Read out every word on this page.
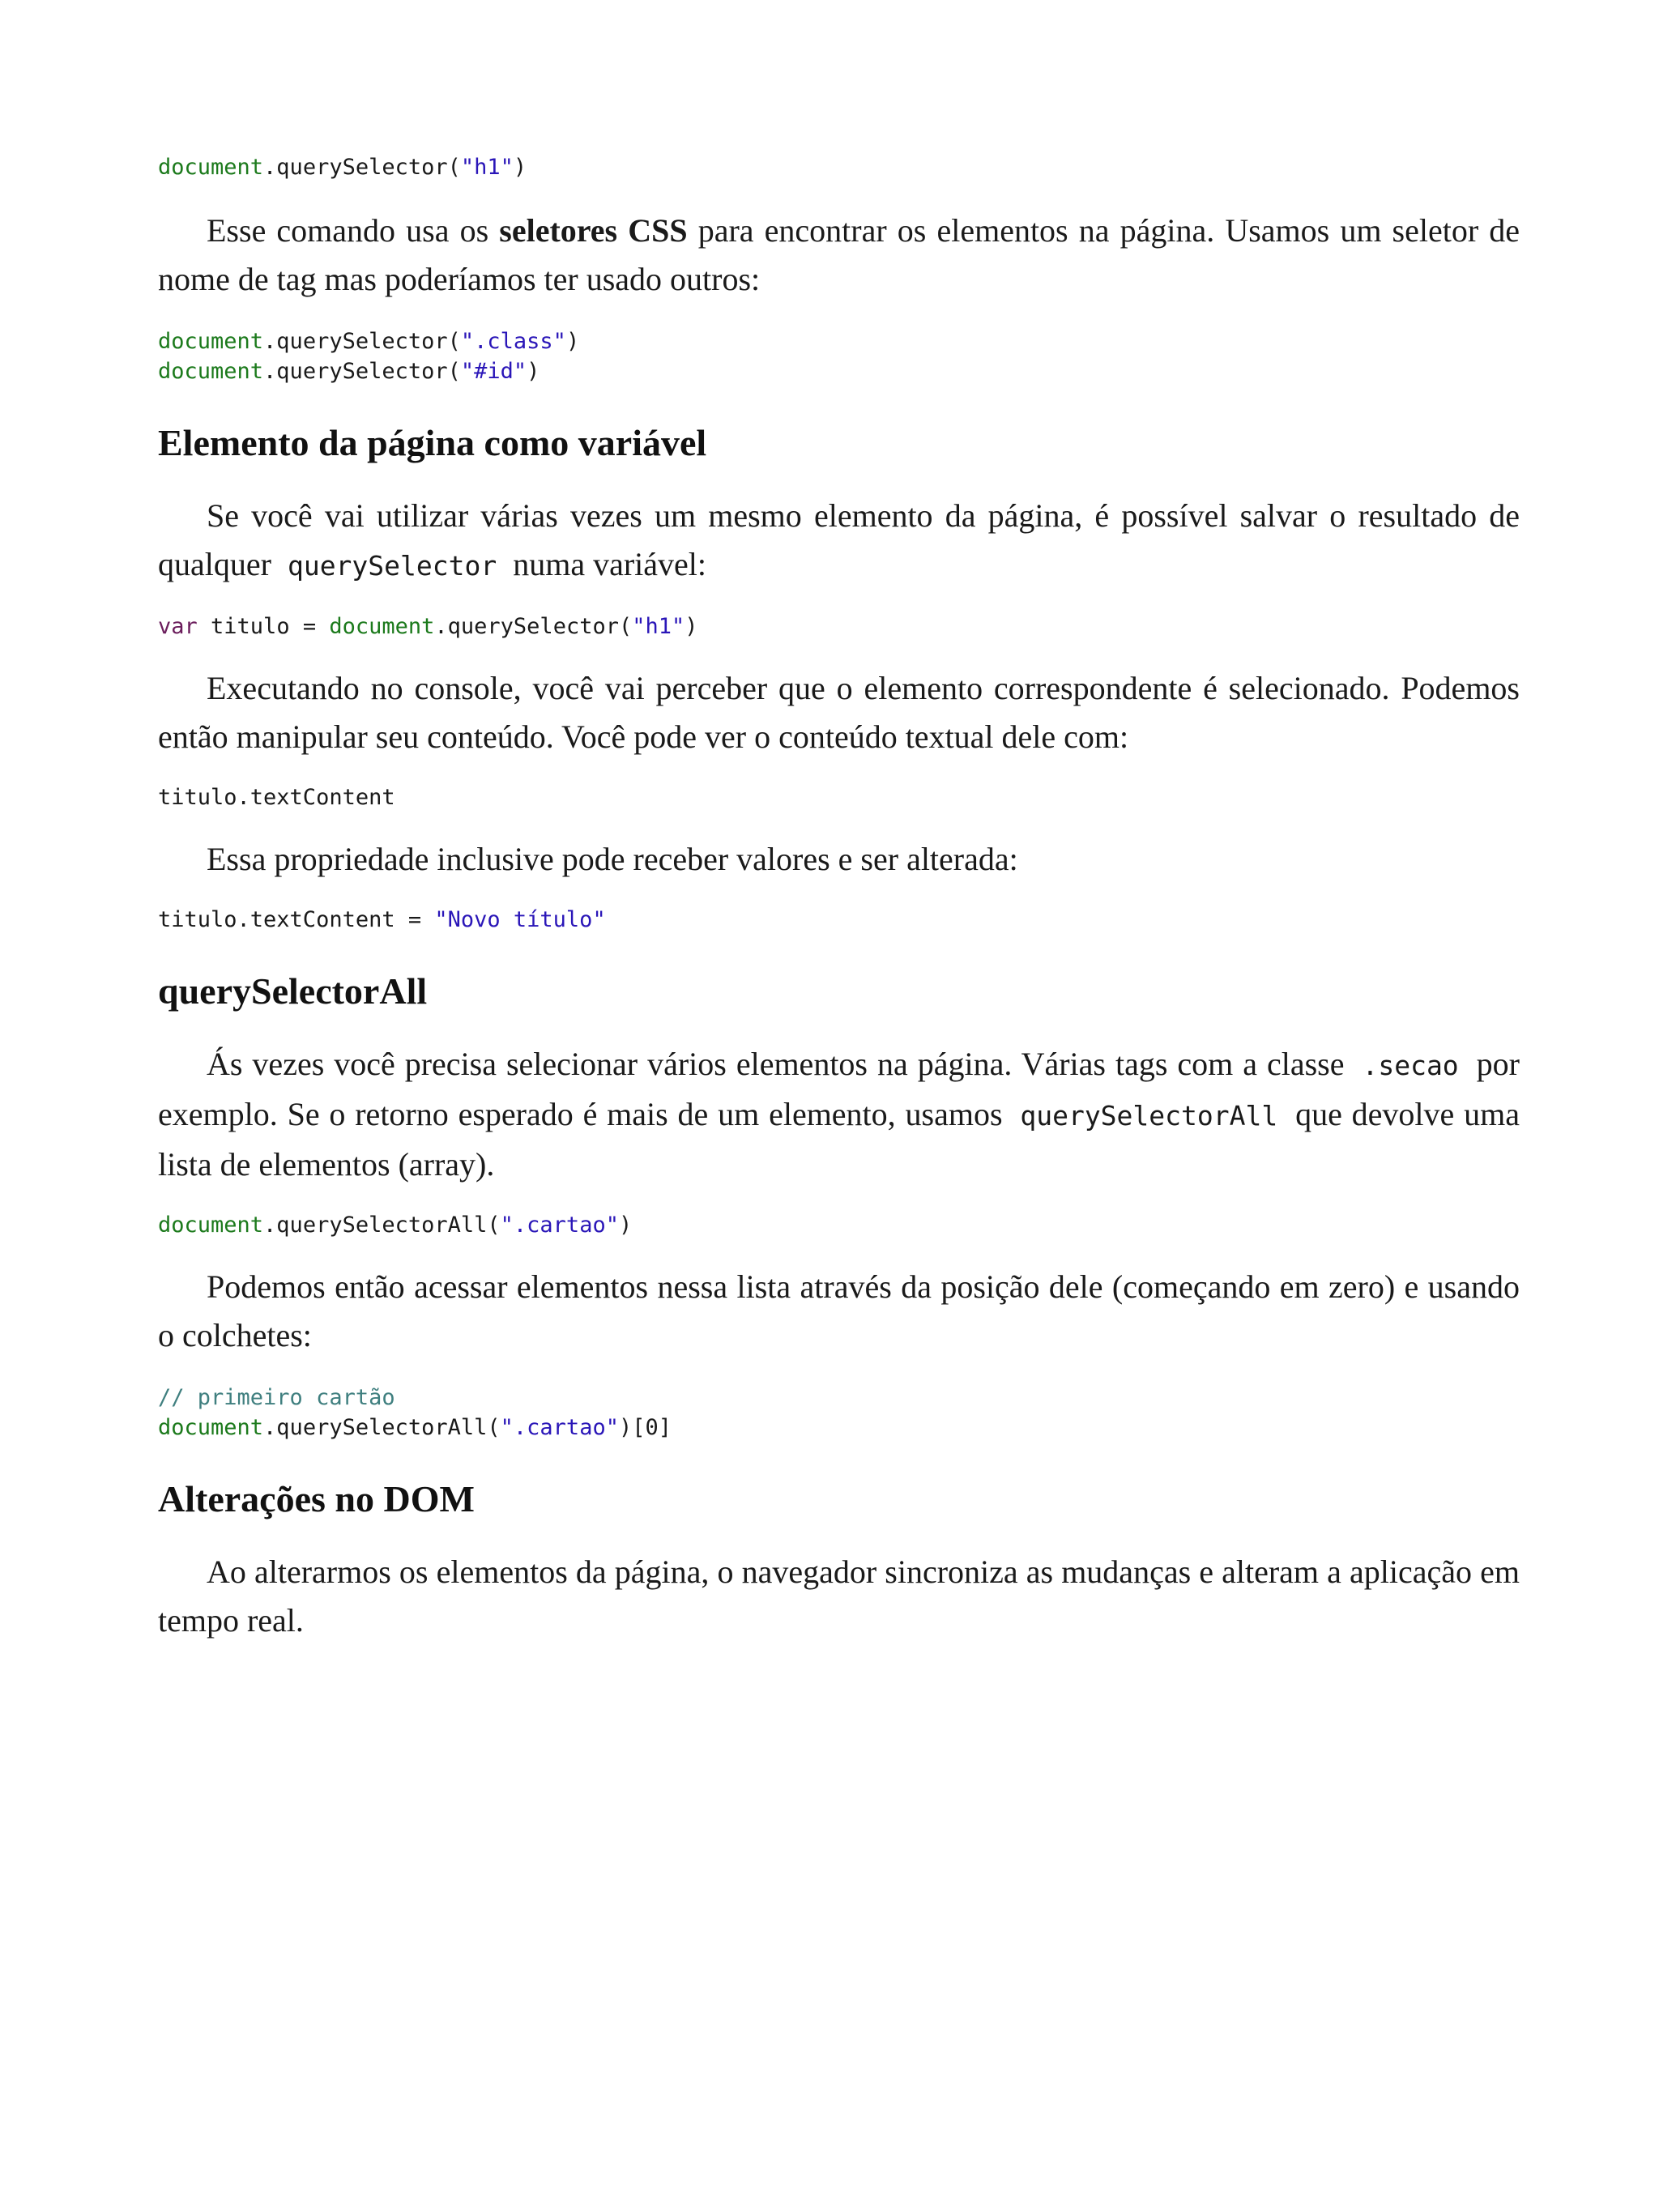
document.querySelector("h1")

Esse comando usa os seletores CSS para encontrar os elementos na página. Usamos um seletor de nome de tag mas poderíamos ter usado outros:

document.querySelector(".class")
document.querySelector("#id")
Elemento da página como variável

Se você vai utilizar várias vezes um mesmo elemento da página, é possível salvar o resultado de qualquer querySelector numa variável:

var titulo = document.querySelector("h1")

Executando no console, você vai perceber que o elemento correspondente é selecionado. Podemos então manipular seu conteúdo. Você pode ver o conteúdo textual dele com:

titulo.textContent

Essa propriedade inclusive pode receber valores e ser alterada:

titulo.textContent = "Novo título"
querySelectorAll

Ás vezes você precisa selecionar vários elementos na página. Várias tags com a classe .secao por exemplo. Se o retorno esperado é mais de um elemento, usamos querySelectorAll que devolve uma lista de elementos (array).

document.querySelectorAll(".cartao")

Podemos então acessar elementos nessa lista através da posição dele (começando em zero) e usando o colchetes:

// primeiro cartão
document.querySelectorAll(".cartao")[0]
Alterações no DOM

Ao alterarmos os elementos da página, o navegador sincroniza as mudanças e alteram a aplicação em tempo real.
